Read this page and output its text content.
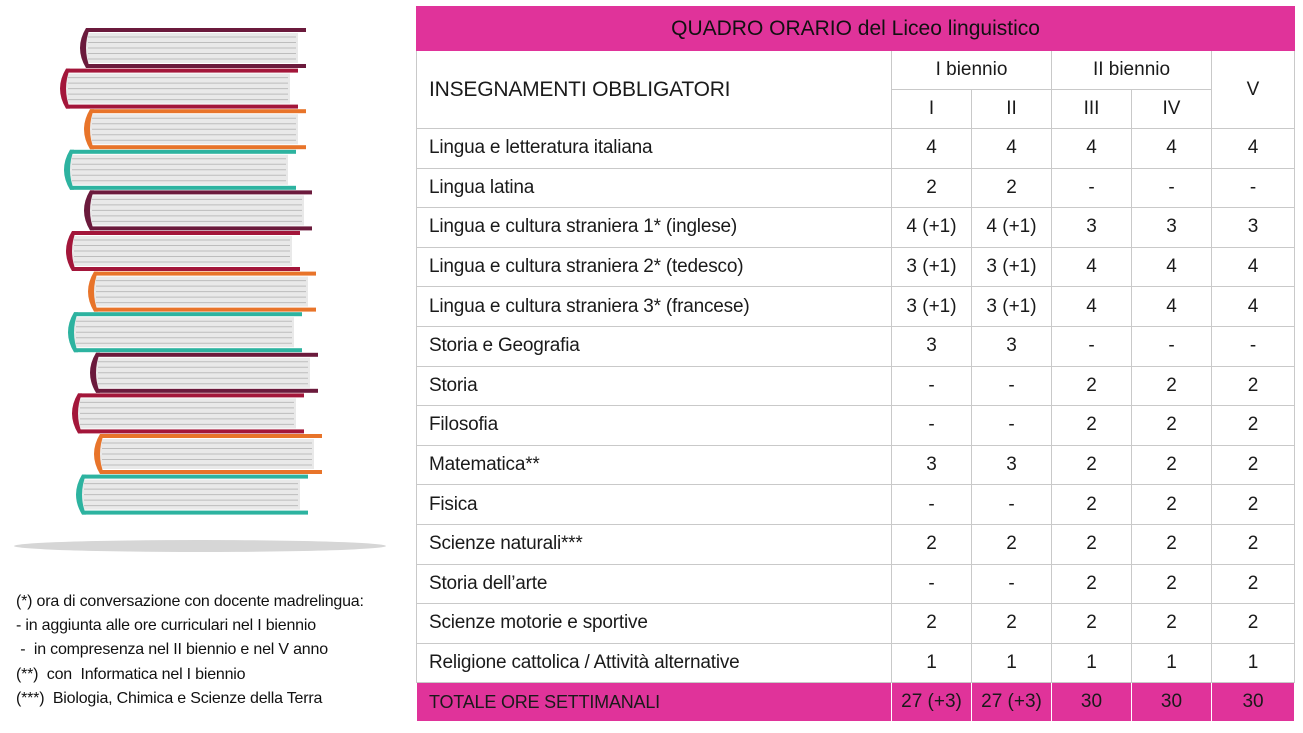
(*) ora di conversazione con docente madrelingua:
- in aggiunta alle ore curriculari nel I biennio
-  in compresenza nel II biennio e nel V anno
(**)  con  Informatica nel I biennio
(***)  Biologia, Chimica e Scienze della Terra
QUADRO ORARIO del Liceo linguistico					
INSEGNAMENTI OBBLIGATORI	I biennio		II biennio		V
	I	II	III	IV	
Lingua e letteratura italiana	4	4	4	4	4
Lingua latina	2	2	-	-	-
Lingua e cultura straniera 1* (inglese)	4 (+1)	4 (+1)	3	3	3
Lingua e cultura straniera 2* (tedesco)	3 (+1)	3 (+1)	4	4	4
Lingua e cultura straniera 3* (francese)	3 (+1)	3 (+1)	4	4	4
Storia e Geografia	3	3	-	-	-
Storia	-	-	2	2	2
Filosofia	-	-	2	2	2
Matematica**	3	3	2	2	2
Fisica	-	-	2	2	2
Scienze naturali***	2	2	2	2	2
Storia dell’arte	-	-	2	2	2
Scienze motorie e sportive	2	2	2	2	2
Religione cattolica / Attività alternative	1	1	1	1	1
TOTALE ORE SETTIMANALI	27 (+3)	27 (+3)	30	30	30
